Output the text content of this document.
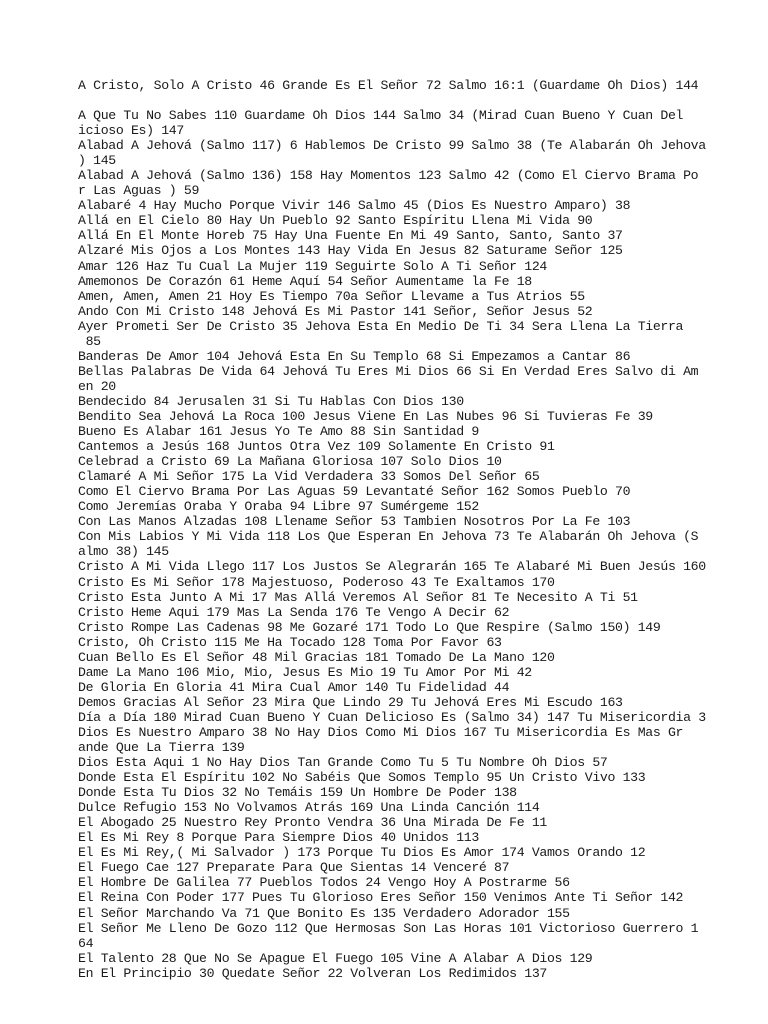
A Cristo, Solo A Cristo 46 Grande Es El Señor 72 Salmo 16:1 (Guardame Oh Dios) 144
A Que Tu No Sabes 110 Guardame Oh Dios 144 Salmo 34 (Mirad Cuan Bueno Y Cuan Del
icioso Es) 147
Alabad A Jehová (Salmo 117) 6 Hablemos De Cristo 99 Salmo 38 (Te Alabarán Oh Jehova
) 145
Alabad A Jehová (Salmo 136) 158 Hay Momentos 123 Salmo 42 (Como El Ciervo Brama Po
r Las Aguas ) 59
Alabaré 4 Hay Mucho Porque Vivir 146 Salmo 45 (Dios Es Nuestro Amparo) 38
Allá en El Cielo 80 Hay Un Pueblo 92 Santo Espíritu Llena Mi Vida 90
Allá En El Monte Horeb 75 Hay Una Fuente En Mi 49 Santo, Santo, Santo 37
Alzaré Mis Ojos a Los Montes 143 Hay Vida En Jesus 82 Saturame Señor 125
Amar 126 Haz Tu Cual La Mujer 119 Seguirte Solo A Ti Señor 124
Amemonos De Corazón 61 Heme Aquí 54 Señor Aumentame la Fe 18
Amen, Amen, Amen 21 Hoy Es Tiempo 70a Señor Llevame a Tus Atrios 55
Ando Con Mi Cristo 148 Jehová Es Mi Pastor 141 Señor, Señor Jesus 52
Ayer Prometi Ser De Cristo 35 Jehova Esta En Medio De Ti 34 Sera Llena La Tierra
85
Banderas De Amor 104 Jehová Esta En Su Templo 68 Si Empezamos a Cantar 86
Bellas Palabras De Vida 64 Jehová Tu Eres Mi Dios 66 Si En Verdad Eres Salvo di Am
en 20
Bendecido 84 Jerusalen 31 Si Tu Hablas Con Dios 130
Bendito Sea Jehová La Roca 100 Jesus Viene En Las Nubes 96 Si Tuvieras Fe 39
Bueno Es Alabar 161 Jesus Yo Te Amo 88 Sin Santidad 9
Cantemos a Jesús 168 Juntos Otra Vez 109 Solamente En Cristo 91
Celebrad a Cristo 69 La Mañana Gloriosa 107 Solo Dios 10
Clamaré A Mi Señor 175 La Vid Verdadera 33 Somos Del Señor 65
Como El Ciervo Brama Por Las Aguas 59 Levantaté Señor 162 Somos Pueblo 70
Como Jeremías Oraba Y Oraba 94 Libre 97 Sumérgeme 152
Con Las Manos Alzadas 108 Llename Señor 53 Tambien Nosotros Por La Fe 103
Con Mis Labios Y Mi Vida 118 Los Que Esperan En Jehova 73 Te Alabarán Oh Jehova (S
almo 38) 145
Cristo A Mi Vida Llego 117 Los Justos Se Alegrarán 165 Te Alabaré Mi Buen Jesús 160
Cristo Es Mi Señor 178 Majestuoso, Poderoso 43 Te Exaltamos 170
Cristo Esta Junto A Mi 17 Mas Allá Veremos Al Señor 81 Te Necesito A Ti 51
Cristo Heme Aqui 179 Mas La Senda 176 Te Vengo A Decir 62
Cristo Rompe Las Cadenas 98 Me Gozaré 171 Todo Lo Que Respire (Salmo 150) 149
Cristo, Oh Cristo 115 Me Ha Tocado 128 Toma Por Favor 63
Cuan Bello Es El Señor 48 Mil Gracias 181 Tomado De La Mano 120
Dame La Mano 106 Mio, Mio, Jesus Es Mio 19 Tu Amor Por Mi 42
De Gloria En Gloria 41 Mira Cual Amor 140 Tu Fidelidad 44
Demos Gracias Al Señor 23 Mira Que Lindo 29 Tu Jehová Eres Mi Escudo 163
Día a Día 180 Mirad Cuan Bueno Y Cuan Delicioso Es (Salmo 34) 147 Tu Misericordia 3
Dios Es Nuestro Amparo 38 No Hay Dios Como Mi Dios 167 Tu Misericordia Es Mas Gr
ande Que La Tierra 139
Dios Esta Aqui 1 No Hay Dios Tan Grande Como Tu 5 Tu Nombre Oh Dios 57
Donde Esta El Espíritu 102 No Sabéis Que Somos Templo 95 Un Cristo Vivo 133
Donde Esta Tu Dios 32 No Temáis 159 Un Hombre De Poder 138
Dulce Refugio 153 No Volvamos Atrás 169 Una Linda Canción 114
El Abogado 25 Nuestro Rey Pronto Vendra 36 Una Mirada De Fe 11
El Es Mi Rey 8 Porque Para Siempre Dios 40 Unidos 113
El Es Mi Rey,( Mi Salvador ) 173 Porque Tu Dios Es Amor 174 Vamos Orando 12
El Fuego Cae 127 Preparate Para Que Sientas 14 Venceré 87
El Hombre De Galilea 77 Pueblos Todos 24 Vengo Hoy A Postrarme 56
El Reina Con Poder 177 Pues Tu Glorioso Eres Señor 150 Venimos Ante Ti Señor 142
El Señor Marchando Va 71 Que Bonito Es 135 Verdadero Adorador 155
El Señor Me Lleno De Gozo 112 Que Hermosas Son Las Horas 101 Victorioso Guerrero 1
64
El Talento 28 Que No Se Apague El Fuego 105 Vine A Alabar A Dios 129
En El Principio 30 Quedate Señor 22 Volveran Los Redimidos 137
